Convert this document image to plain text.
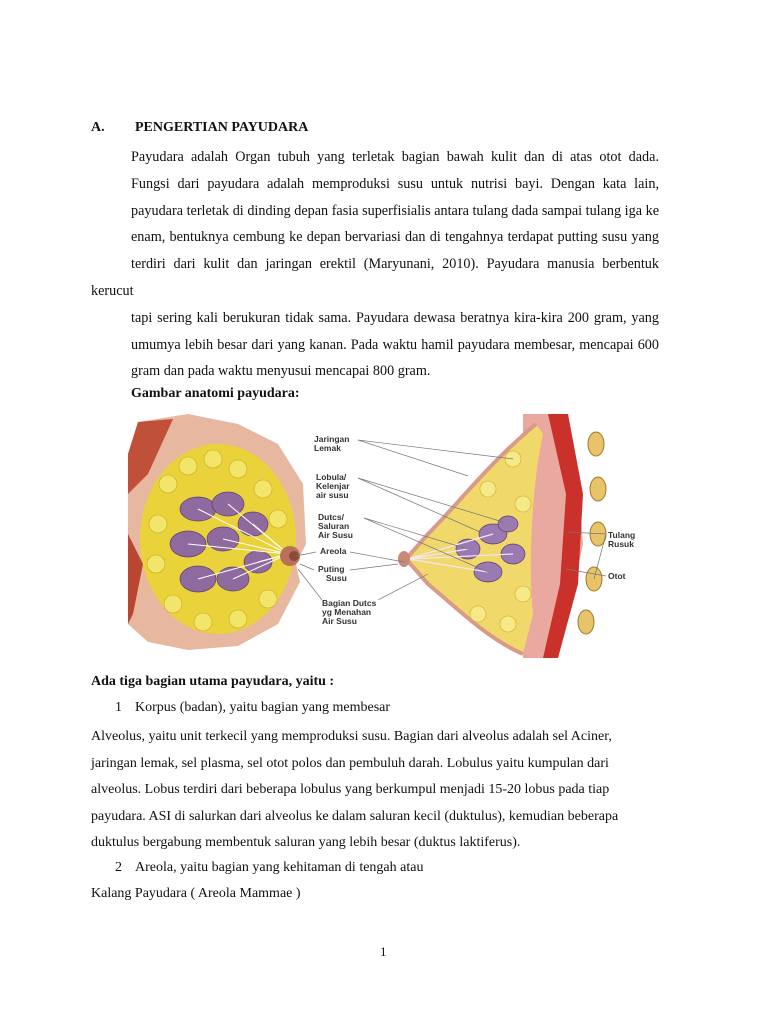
A. PENGERTIAN PAYUDARA
Payudara adalah Organ tubuh yang terletak bagian bawah kulit dan di atas otot dada.
Fungsi dari payudara adalah memproduksi susu untuk nutrisi bayi. Dengan kata lain,
payudara terletak di dinding depan fasia superfisialis antara tulang dada sampai tulang iga ke
enam, bentuknya cembung ke depan bervariasi dan di tengahnya terdapat putting susu yang
terdiri dari kulit dan jaringan erektil (Maryunani, 2010). Payudara manusia berbentuk kerucut
tapi sering kali berukuran tidak sama. Payudara dewasa beratnya kira-kira 200 gram, yang
umumya lebih besar dari yang kanan. Pada waktu hamil payudara membesar, mencapai 600
gram dan pada waktu menyusui mencapai 800 gram.
Gambar anatomi payudara:
Jaringan Lemak
Lobula/ Kelenjar air susu
Dutcs/ Saluran Air Susu
Areola
Puting Susu
Bagian Dutcs yg Menahan Air Susu
Tulang Rusuk
Otot
Ada tiga bagian utama payudara, yaitu :
1 Korpus (badan), yaitu bagian yang membesar
Alveolus, yaitu unit terkecil yang memproduksi susu. Bagian dari alveolus adalah sel Aciner,
jaringan lemak, sel plasma, sel otot polos dan pembuluh darah. Lobulus yaitu kumpulan dari
alveolus. Lobus terdiri dari beberapa lobulus yang berkumpul menjadi 15-20 lobus pada tiap
payudara. ASI di salurkan dari alveolus ke dalam saluran kecil (duktulus), kemudian beberapa
duktulus bergabung membentuk saluran yang lebih besar (duktus laktiferus).
2 Areola, yaitu bagian yang kehitaman di tengah atau
Kalang Payudara ( Areola Mammae )
1
